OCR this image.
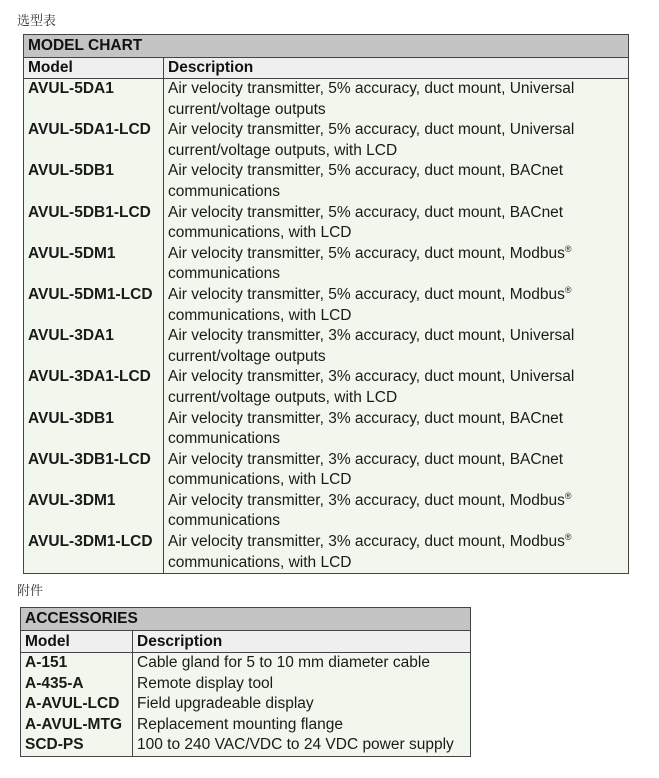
选型表
MODEL CHART	
Model	Description
AVUL-5DA1	Air velocity transmitter, 5% accuracy, duct mount, Universal
current/voltage outputs
AVUL-5DA1-LCD	Air velocity transmitter, 5% accuracy, duct mount, Universal
current/voltage outputs, with LCD
AVUL-5DB1	Air velocity transmitter, 5% accuracy, duct mount, BACnet
communications
AVUL-5DB1-LCD	Air velocity transmitter, 5% accuracy, duct mount, BACnet
communications, with LCD
AVUL-5DM1	Air velocity transmitter, 5% accuracy, duct mount, Modbus®
communications
AVUL-5DM1-LCD	Air velocity transmitter, 5% accuracy, duct mount, Modbus®
communications, with LCD
AVUL-3DA1	Air velocity transmitter, 3% accuracy, duct mount, Universal
current/voltage outputs
AVUL-3DA1-LCD	Air velocity transmitter, 3% accuracy, duct mount, Universal
current/voltage outputs, with LCD
AVUL-3DB1	Air velocity transmitter, 3% accuracy, duct mount, BACnet
communications
AVUL-3DB1-LCD	Air velocity transmitter, 3% accuracy, duct mount, BACnet
communications, with LCD
AVUL-3DM1	Air velocity transmitter, 3% accuracy, duct mount, Modbus®
communications
AVUL-3DM1-LCD	Air velocity transmitter, 3% accuracy, duct mount, Modbus®
communications, with LCD
附件
ACCESSORIES	
Model	Description
A-151	Cable gland for 5 to 10 mm diameter cable
A-435-A	Remote display tool
A-AVUL-LCD	Field upgradeable display
A-AVUL-MTG	Replacement mounting flange
SCD-PS	100 to 240 VAC/VDC to 24 VDC power supply
